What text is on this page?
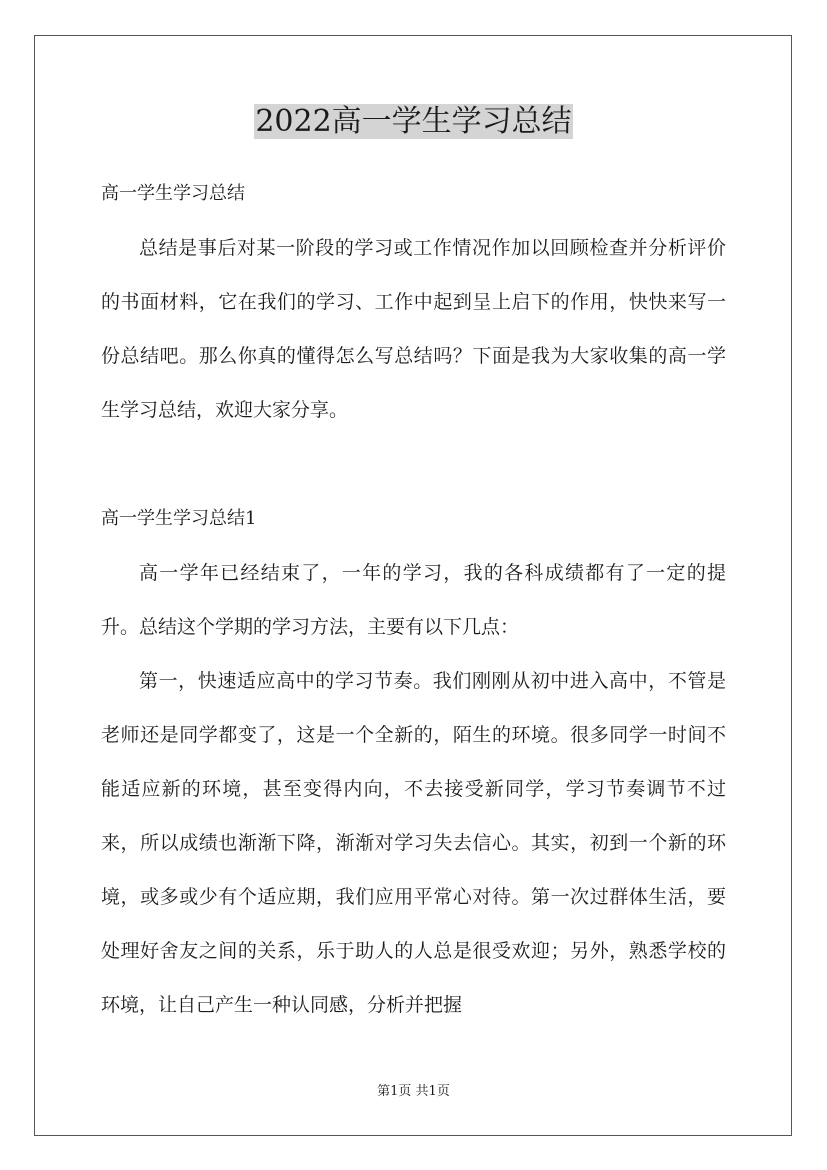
2022高一学生学习总结
高一学生学习总结

总结是事后对某一阶段的学习或工作情况作加以回顾检查并分析评价的书面材料，它在我们的学习、工作中起到呈上启下的作用，快快来写一份总结吧。那么你真的懂得怎么写总结吗？下面是我为大家收集的高一学生学习总结，欢迎大家分享。

高一学生学习总结1

高一学年已经结束了，一年的学习，我的各科成绩都有了一定的提升。总结这个学期的学习方法，主要有以下几点：

第一，快速适应高中的学习节奏。我们刚刚从初中进入高中，不管是老师还是同学都变了，这是一个全新的，陌生的环境。很多同学一时间不能适应新的环境，甚至变得内向，不去接受新同学，学习节奏调节不过来，所以成绩也渐渐下降，渐渐对学习失去信心。其实，初到一个新的环境，或多或少有个适应期，我们应用平常心对待。第一次过群体生活，要处理好舍友之间的关系，乐于助人的人总是很受欢迎；另外，熟悉学校的环境，让自己产生一种认同感，分析并把握

第1页 共1页
